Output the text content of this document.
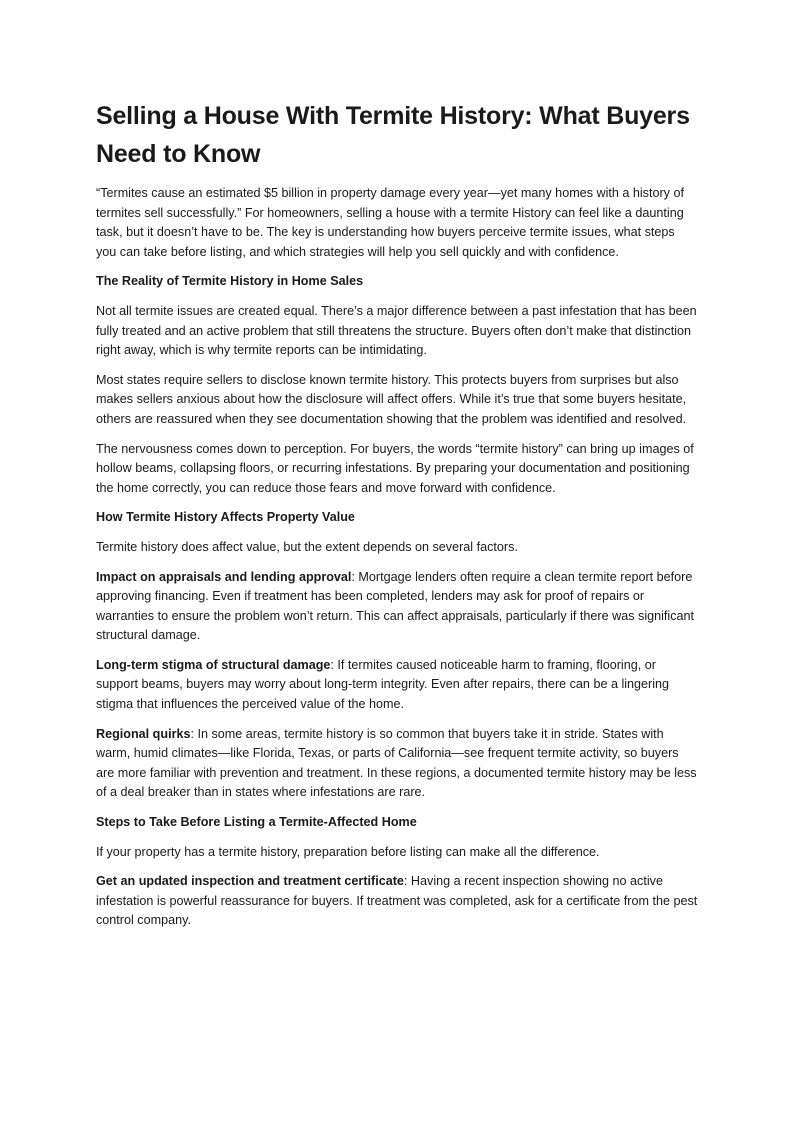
Selling a House With Termite History: What Buyers Need to Know

“Termites cause an estimated $5 billion in property damage every year—yet many homes with a history of termites sell successfully.” For homeowners, selling a house with a termite History can feel like a daunting task, but it doesn’t have to be. The key is understanding how buyers perceive termite issues, what steps you can take before listing, and which strategies will help you sell quickly and with confidence.

The Reality of Termite History in Home Sales

Not all termite issues are created equal. There’s a major difference between a past infestation that has been fully treated and an active problem that still threatens the structure. Buyers often don’t make that distinction right away, which is why termite reports can be intimidating.

Most states require sellers to disclose known termite history. This protects buyers from surprises but also makes sellers anxious about how the disclosure will affect offers. While it’s true that some buyers hesitate, others are reassured when they see documentation showing that the problem was identified and resolved.

The nervousness comes down to perception. For buyers, the words “termite history” can bring up images of hollow beams, collapsing floors, or recurring infestations. By preparing your documentation and positioning the home correctly, you can reduce those fears and move forward with confidence.

How Termite History Affects Property Value

Termite history does affect value, but the extent depends on several factors.

Impact on appraisals and lending approval: Mortgage lenders often require a clean termite report before approving financing. Even if treatment has been completed, lenders may ask for proof of repairs or warranties to ensure the problem won’t return. This can affect appraisals, particularly if there was significant structural damage.

Long-term stigma of structural damage: If termites caused noticeable harm to framing, flooring, or support beams, buyers may worry about long-term integrity. Even after repairs, there can be a lingering stigma that influences the perceived value of the home.

Regional quirks: In some areas, termite history is so common that buyers take it in stride. States with warm, humid climates—like Florida, Texas, or parts of California—see frequent termite activity, so buyers are more familiar with prevention and treatment. In these regions, a documented termite history may be less of a deal breaker than in states where infestations are rare.

Steps to Take Before Listing a Termite-Affected Home

If your property has a termite history, preparation before listing can make all the difference.

Get an updated inspection and treatment certificate: Having a recent inspection showing no active infestation is powerful reassurance for buyers. If treatment was completed, ask for a certificate from the pest control company.
